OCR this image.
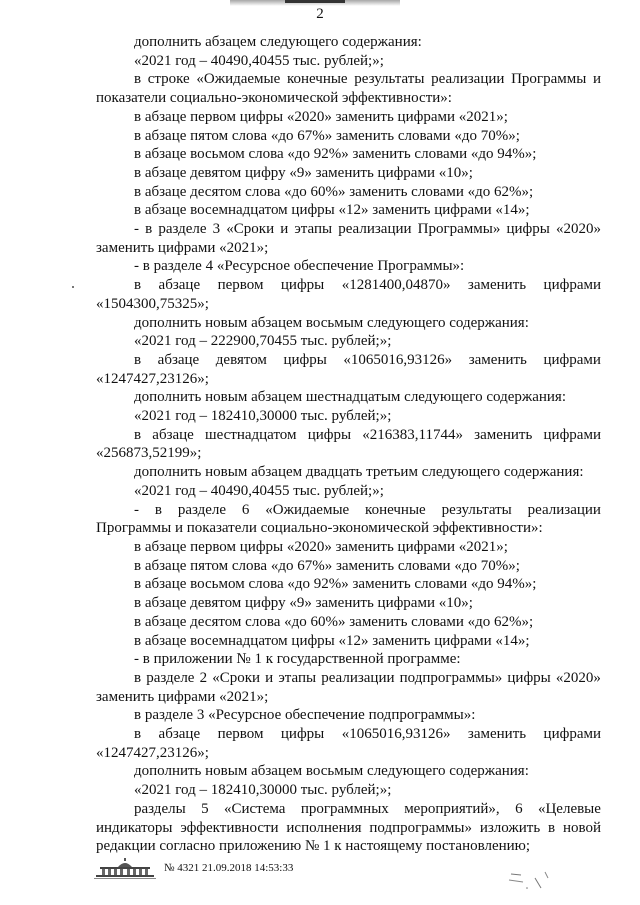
2
дополнить абзацем следующего содержания:
«2021 год – 40490,40455 тыс. рублей;»;
в строке «Ожидаемые конечные результаты реализации Программы и
показатели социально-экономической эффективности»:
в абзаце первом цифры «2020» заменить цифрами «2021»;
в абзаце пятом слова «до 67%» заменить словами «до 70%»;
в абзаце восьмом слова «до 92%» заменить словами «до 94%»;
в абзаце девятом цифру «9» заменить цифрами «10»;
в абзаце десятом слова «до 60%» заменить словами «до 62%»;
в абзаце восемнадцатом цифры «12» заменить цифрами «14»;
- в разделе 3 «Сроки и этапы реализации Программы» цифры «2020»
заменить цифрами «2021»;
- в разделе 4 «Ресурсное обеспечение Программы»:
в абзаце первом цифры «1281400,04870» заменить цифрами
«1504300,75325»;
дополнить новым абзацем восьмым следующего содержания:
«2021 год – 222900,70455 тыс. рублей;»;
в абзаце девятом цифры «1065016,93126» заменить цифрами
«1247427,23126»;
дополнить новым абзацем шестнадцатым следующего содержания:
«2021 год – 182410,30000 тыс. рублей;»;
в абзаце шестнадцатом цифры «216383,11744» заменить цифрами
«256873,52199»;
дополнить новым абзацем двадцать третьим следующего содержания:
«2021 год – 40490,40455 тыс. рублей;»;
- в разделе 6 «Ожидаемые конечные результаты реализации
Программы и показатели социально-экономической эффективности»:
в абзаце первом цифры «2020» заменить цифрами «2021»;
в абзаце пятом слова «до 67%» заменить словами «до 70%»;
в абзаце восьмом слова «до 92%» заменить словами «до 94%»;
в абзаце девятом цифру «9» заменить цифрами «10»;
в абзаце десятом слова «до 60%» заменить словами «до 62%»;
в абзаце восемнадцатом цифры «12» заменить цифрами «14»;
- в приложении № 1 к государственной программе:
в разделе 2 «Сроки и этапы реализации подпрограммы» цифры «2020»
заменить цифрами «2021»;
в разделе 3 «Ресурсное обеспечение подпрограммы»:
в абзаце первом цифры «1065016,93126» заменить цифрами
«1247427,23126»;
дополнить новым абзацем восьмым следующего содержания:
«2021 год – 182410,30000 тыс. рублей;»;
разделы 5 «Система программных мероприятий», 6 «Целевые
индикаторы эффективности исполнения подпрограммы» изложить в новой
редакции согласно приложению № 1 к настоящему постановлению;
№ 4321 21.09.2018 14:53:33
